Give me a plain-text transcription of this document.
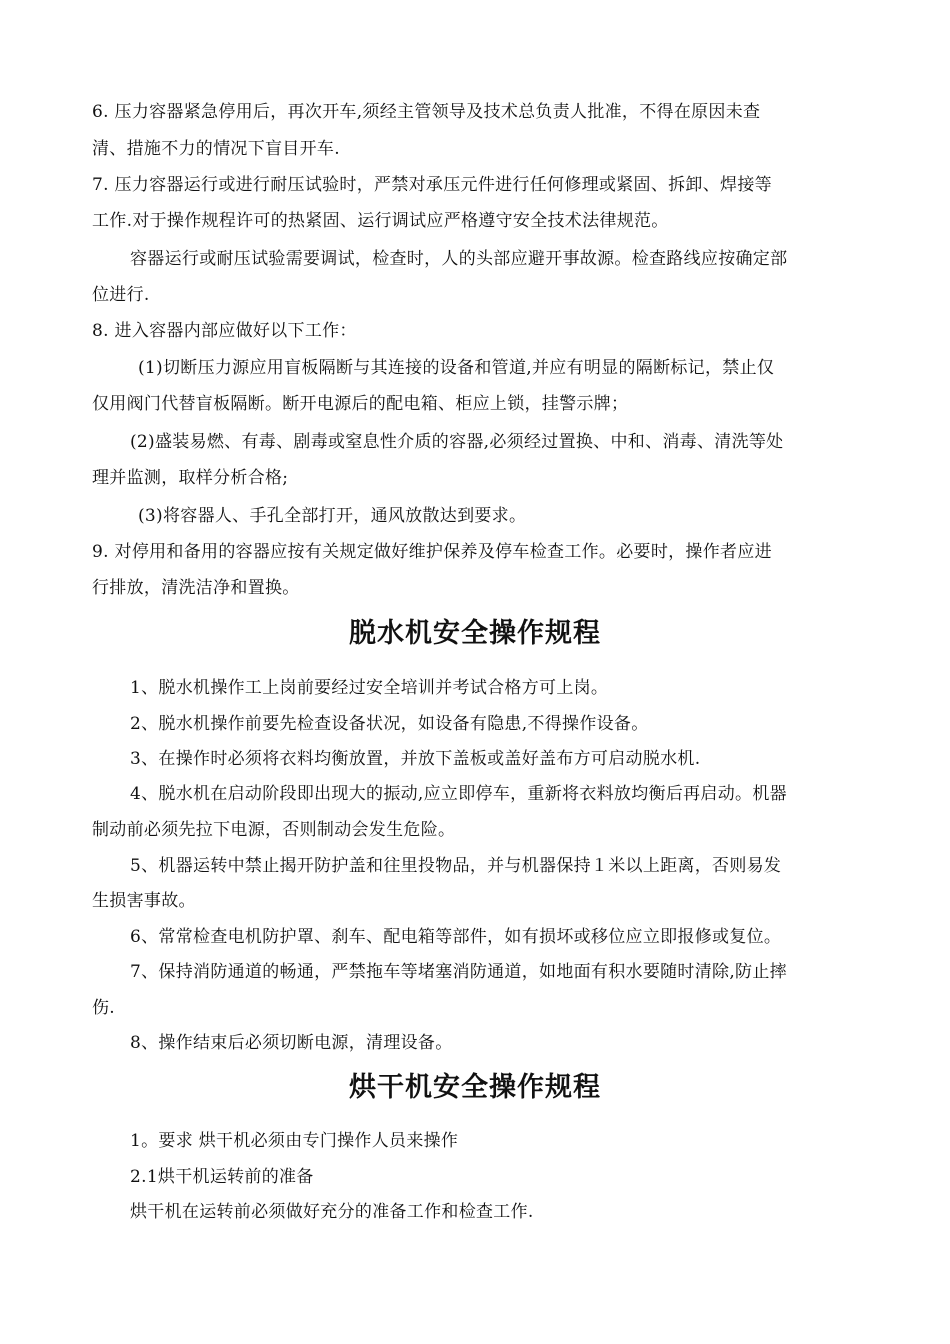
6. 压力容器紧急停用后，再次开车,须经主管领导及技术总负责人批准，不得在原因未查
清、措施不力的情况下盲目开车.
7. 压力容器运行或进行耐压试验时，严禁对承压元件进行任何修理或紧固、拆卸、焊接等
工作.对于操作规程许可的热紧固、运行调试应严格遵守安全技术法律规范。
容器运行或耐压试验需要调试，检查时，人的头部应避开事故源。检查路线应按确定部
位进行.
8. 进入容器内部应做好以下工作：
(1)切断压力源应用盲板隔断与其连接的设备和管道,并应有明显的隔断标记，禁止仅
仅用阀门代替盲板隔断。断开电源后的配电箱、柜应上锁，挂警示牌；
(2)盛装易燃、有毒、剧毒或窒息性介质的容器,必须经过置换、中和、消毒、清洗等处
理并监测，取样分析合格;
(3)将容器人、手孔全部打开，通风放散达到要求。
9. 对停用和备用的容器应按有关规定做好维护保养及停车检查工作。必要时，操作者应进
行排放，清洗洁净和置换。
脱水机安全操作规程
1、脱水机操作工上岗前要经过安全培训并考试合格方可上岗。
2、脱水机操作前要先检查设备状况，如设备有隐患,不得操作设备。
3、在操作时必须将衣料均衡放置，并放下盖板或盖好盖布方可启动脱水机.
4、脱水机在启动阶段即出现大的振动,应立即停车，重新将衣料放均衡后再启动。机器
制动前必须先拉下电源，否则制动会发生危险。
5、机器运转中禁止揭开防护盖和往里投物品，并与机器保持１米以上距离，否则易发
生损害事故。
6、常常检查电机防护罩、刹车、配电箱等部件，如有损坏或移位应立即报修或复位。
7、保持消防通道的畅通，严禁拖车等堵塞消防通道，如地面有积水要随时清除,防止摔
伤.
8、操作结束后必须切断电源，清理设备。
烘干机安全操作规程
1。要求 烘干机必须由专门操作人员来操作
2.1烘干机运转前的准备
烘干机在运转前必须做好充分的准备工作和检查工作.
